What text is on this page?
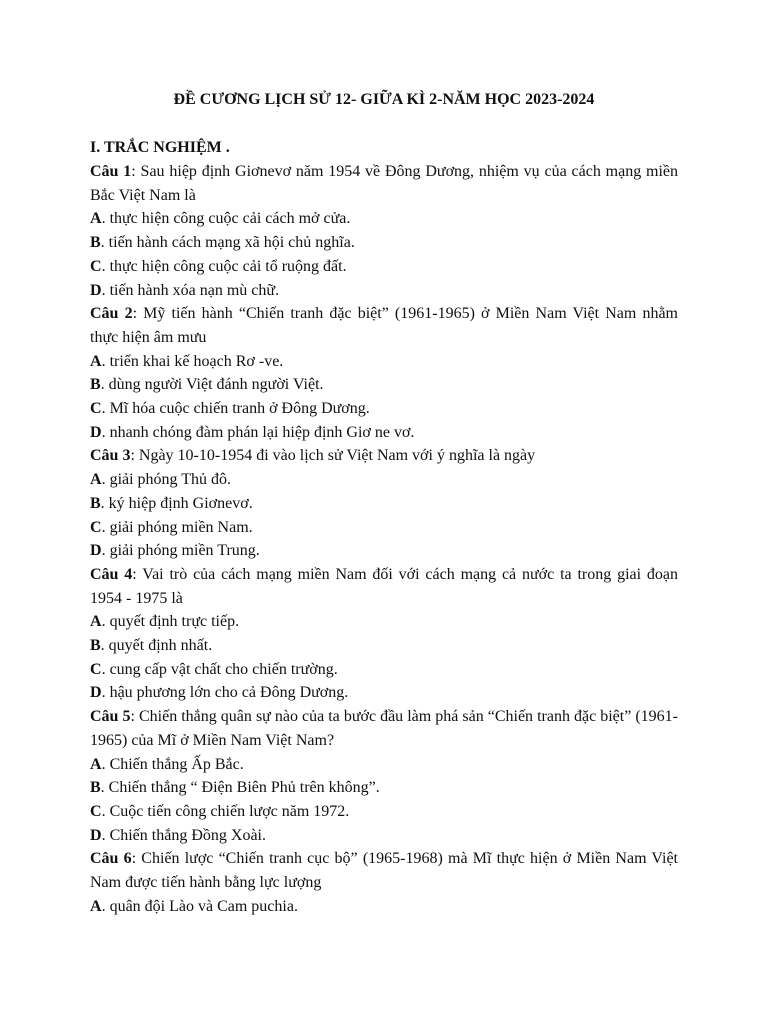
ĐỀ CƯƠNG LỊCH SỬ 12- GIỮA KÌ 2-NĂM HỌC 2023-2024

I. TRẮC NGHIỆM .

Câu 1: Sau hiệp định Giơnevơ năm 1954 về Đông Dương, nhiệm vụ của cách mạng miền Bắc Việt Nam là

A. thực hiện công cuộc cải cách mở cửa.

B. tiến hành cách mạng xã hội chủ nghĩa.

C. thực hiện công cuộc cải tổ ruộng đất.

D. tiến hành xóa nạn mù chữ.

Câu 2: Mỹ tiến hành “Chiến tranh đặc biệt” (1961-1965) ở Miền Nam Việt Nam nhằm thực hiện âm mưu

A. triển khai kế hoạch Rơ -ve.

B. dùng người Việt đánh người Việt.

C. Mĩ hóa cuộc chiến tranh ở Đông Dương.

D. nhanh chóng đàm phán lại hiệp định Giơ ne vơ.

Câu 3: Ngày 10-10-1954 đi vào lịch sử Việt Nam với ý nghĩa là ngày

A. giải phóng Thủ đô.

B. ký hiệp định Giơnevơ.

C. giải phóng miền Nam.

D. giải phóng miền Trung.

Câu 4: Vai trò của cách mạng miền Nam đối với cách mạng cả nước ta trong giai đoạn 1954 - 1975 là

A. quyết định trực tiếp.

B. quyết định nhất.

C. cung cấp vật chất cho chiến trường.

D. hậu phương lớn cho cả Đông Dương.

Câu 5: Chiến thắng quân sự nào của ta bước đầu làm phá sản “Chiến tranh đặc biệt” (1961-1965) của Mĩ ở Miền Nam Việt Nam?

A. Chiến thắng Ấp Bắc.

B. Chiến thắng “ Điện Biên Phủ trên không”.

C. Cuộc tiến công chiến lược năm 1972.

D. Chiến thắng Đồng Xoài.

Câu 6: Chiến lược “Chiến tranh cục bộ” (1965-1968) mà Mĩ thực hiện ở Miền Nam Việt Nam được tiến hành bằng lực lượng

A. quân đội Lào và Cam puchia.
